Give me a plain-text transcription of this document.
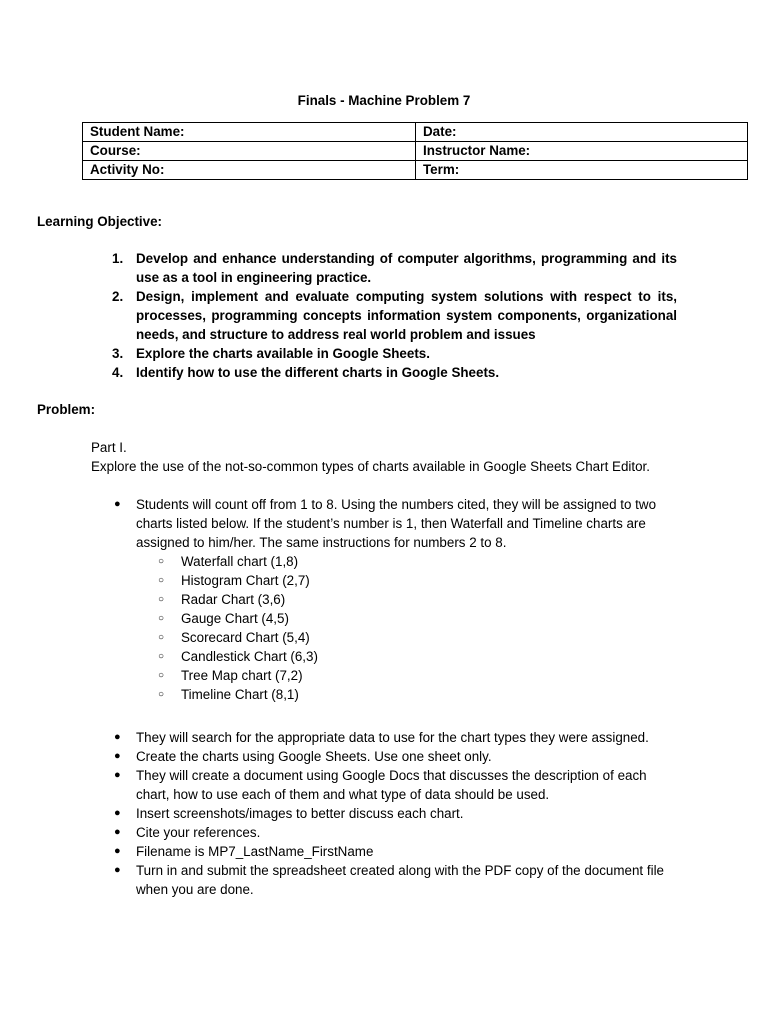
Finals - Machine Problem 7
Student Name:	Date:
Course:	Instructor Name:
Activity No:	Term:
Learning Objective:
1. Develop and enhance understanding of computer algorithms, programming and its use as a tool in engineering practice.
2. Design, implement and evaluate computing system solutions with respect to its, processes, programming concepts information system components, organizational needs, and structure to address real world problem and issues
3. Explore the charts available in Google Sheets.
4. Identify how to use the different charts in Google Sheets.
Problem:
Part I.
Explore the use of the not-so-common types of charts available in Google Sheets Chart Editor.
● Students will count off from 1 to 8. Using the numbers cited, they will be assigned to two charts listed below. If the student’s number is 1, then Waterfall and Timeline charts are assigned to him/her. The same instructions for numbers 2 to 8.
○ Waterfall chart (1,8)
○ Histogram Chart (2,7)
○ Radar Chart (3,6)
○ Gauge Chart (4,5)
○ Scorecard Chart (5,4)
○ Candlestick Chart (6,3)
○ Tree Map chart (7,2)
○ Timeline Chart (8,1)
● They will search for the appropriate data to use for the chart types they were assigned.
● Create the charts using Google Sheets. Use one sheet only.
● They will create a document using Google Docs that discusses the description of each chart, how to use each of them and what type of data should be used.
● Insert screenshots/images to better discuss each chart.
● Cite your references.
● Filename is MP7_LastName_FirstName
● Turn in and submit the spreadsheet created along with the PDF copy of the document file when you are done.
